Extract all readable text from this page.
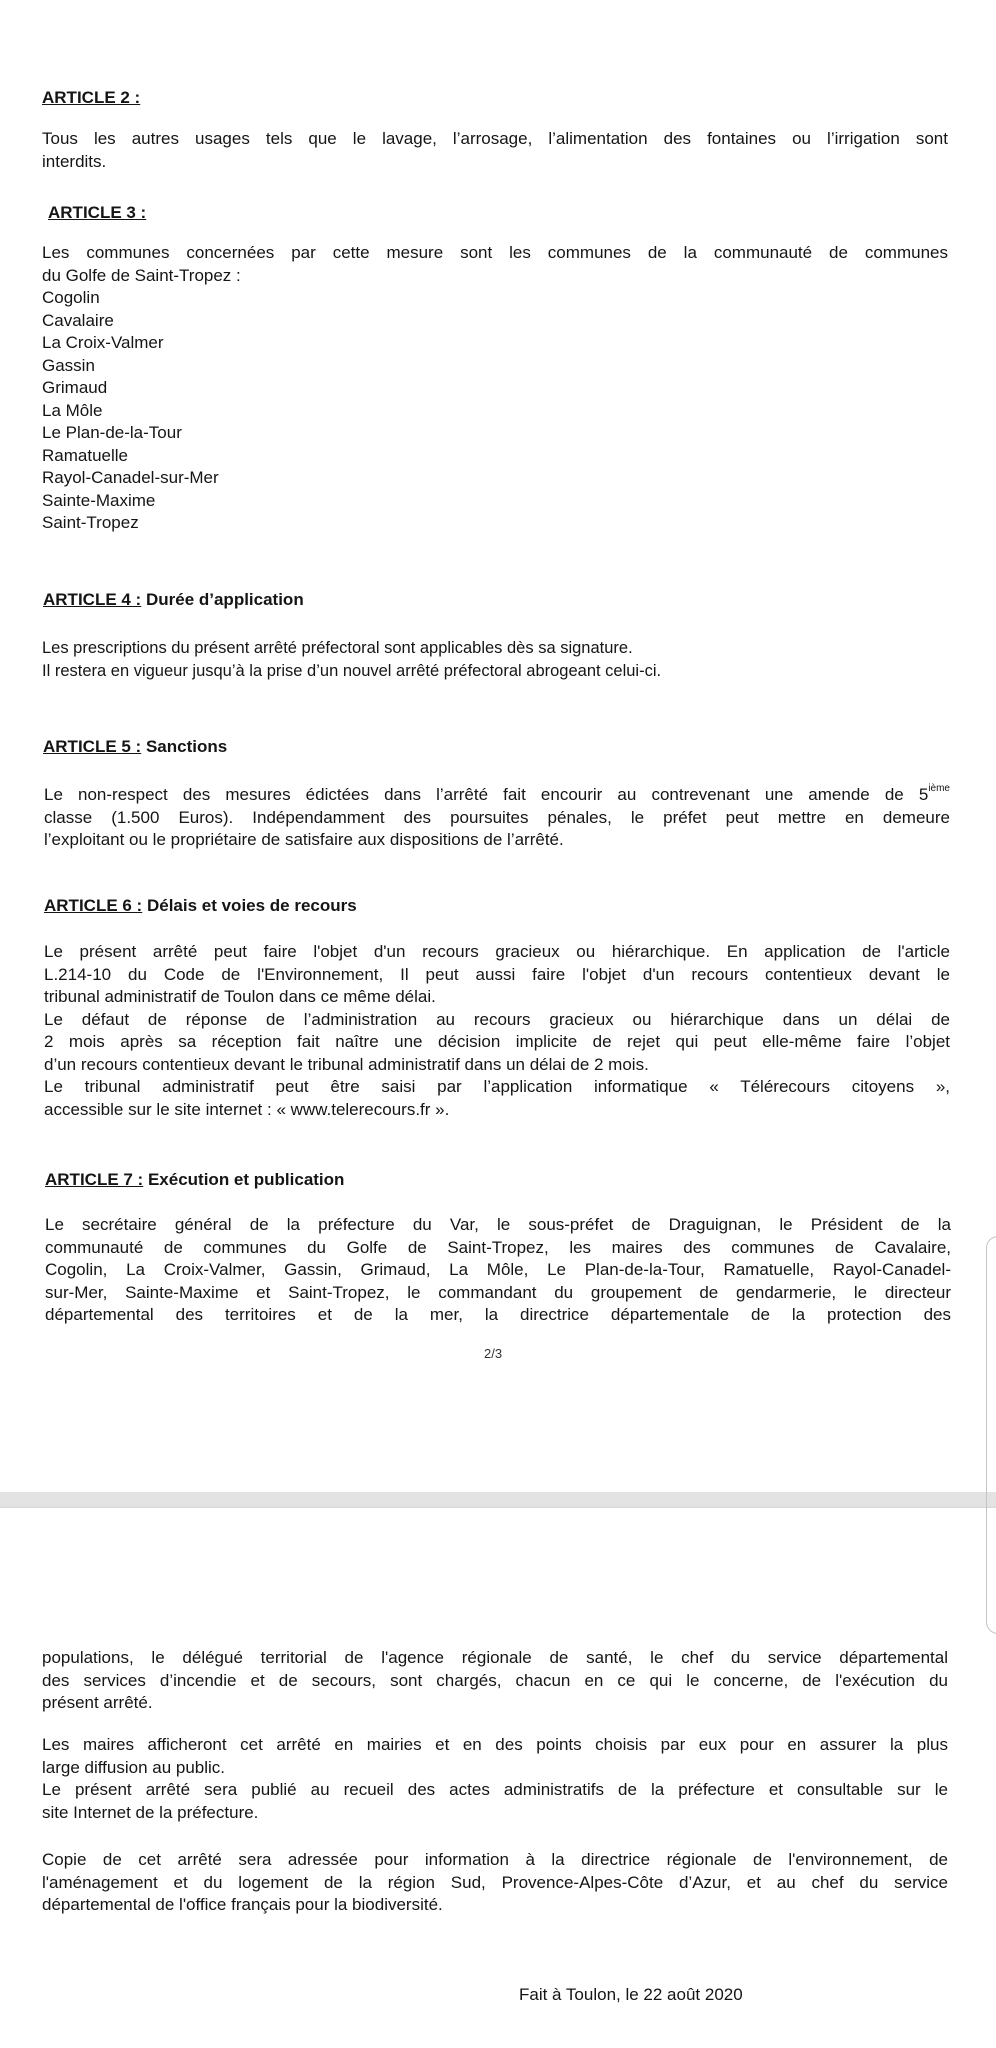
ARTICLE 2 :

Tous les autres usages tels que le lavage, l’arrosage, l’alimentation des fontaines ou l’irrigation sont
interdits.

ARTICLE 3 :

Les communes concernées par cette mesure sont les communes de la communauté de communes
du Golfe de Saint-Tropez :

Cogolin
Cavalaire
La Croix-Valmer
Gassin
Grimaud
La Môle
Le Plan-de-la-Tour
Ramatuelle
Rayol-Canadel-sur-Mer
Sainte-Maxime
Saint-Tropez
ARTICLE 4 : Durée d’application
Les prescriptions du présent arrêté préfectoral sont applicables dès sa signature.
Il restera en vigueur jusqu’à la prise d’un nouvel arrêté préfectoral abrogeant celui-ci.
ARTICLE 5 : Sanctions

Le non-respect des mesures édictées dans l’arrêté fait encourir au contrevenant une amende de 5ième
classe (1.500 Euros). Indépendamment des poursuites pénales, le préfet peut mettre en demeure
l’exploitant ou le propriétaire de satisfaire aux dispositions de l’arrêté.

ARTICLE 6 : Délais et voies de recours

Le présent arrêté peut faire l'objet d'un recours gracieux ou hiérarchique. En application de l'article
L.214-10 du Code de l'Environnement, Il peut aussi faire l'objet d'un recours contentieux devant le
tribunal administratif de Toulon dans ce même délai.
Le défaut de réponse de l’administration au recours gracieux ou hiérarchique dans un délai de
2 mois après sa réception fait naître une décision implicite de rejet qui peut elle-même faire l’objet
d’un recours contentieux devant le tribunal administratif dans un délai de 2 mois.
Le tribunal administratif peut être saisi par l’application informatique « Télérecours citoyens »,
accessible sur le site internet : « www.telerecours.fr ».

ARTICLE 7 : Exécution et publication

Le secrétaire général de la préfecture du Var, le sous-préfet de Draguignan, le Président de la
communauté de communes du Golfe de Saint-Tropez, les maires des communes de Cavalaire,
Cogolin, La Croix-Valmer, Gassin, Grimaud, La Môle, Le Plan-de-la-Tour, Ramatuelle, Rayol-Canadel-
sur-Mer, Sainte-Maxime et Saint-Tropez, le commandant du groupement de gendarmerie, le directeur
départemental des territoires et de la mer, la directrice départementale de la protection des

2/3

populations, le délégué territorial de l'agence régionale de santé, le chef du service départemental
des services d’incendie et de secours, sont chargés, chacun en ce qui le concerne, de l'exécution du
présent arrêté.

Les maires afficheront cet arrêté en mairies et en des points choisis par eux pour en assurer la plus
large diffusion au public.
Le présent arrêté sera publié au recueil des actes administratifs de la préfecture et consultable sur le
site Internet de la préfecture.

Copie de cet arrêté sera adressée pour information à la directrice régionale de l'environnement, de
l'aménagement et du logement de la région Sud, Provence-Alpes-Côte d’Azur, et au chef du service
départemental de l'office français pour la biodiversité.

Fait à Toulon, le 22 août 2020
